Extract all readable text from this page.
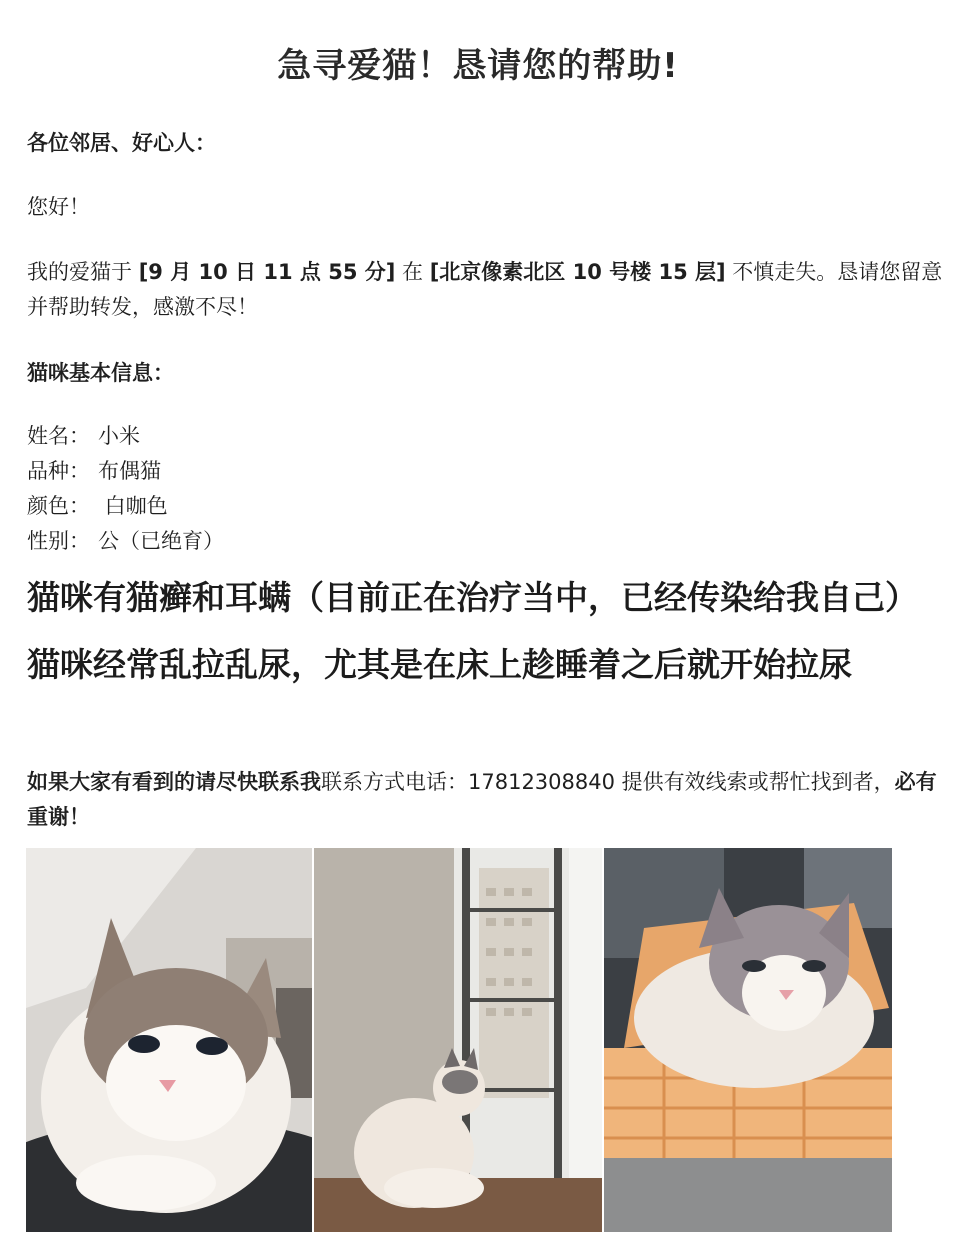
急寻爱猫！恳请您的帮助!
各位邻居、好心人：
您好！
我的爱猫于 [9 月 10 日 11 点 55 分] 在 [北京像素北区 10 号楼 15 层] 不慎走失。恳请您留意并帮助转发，感激不尽！
猫咪基本信息：
姓名： 小米
品种： 布偶猫
颜色： 白咖色
性别： 公（已绝育）
猫咪有猫癣和耳螨（目前正在治疗当中，已经传染给我自己）
猫咪经常乱拉乱尿，尤其是在床上趁睡着之后就开始拉尿
如果大家有看到的请尽快联系我联系方式电话：17812308840 提供有效线索或帮忙找到者，必有重谢！
